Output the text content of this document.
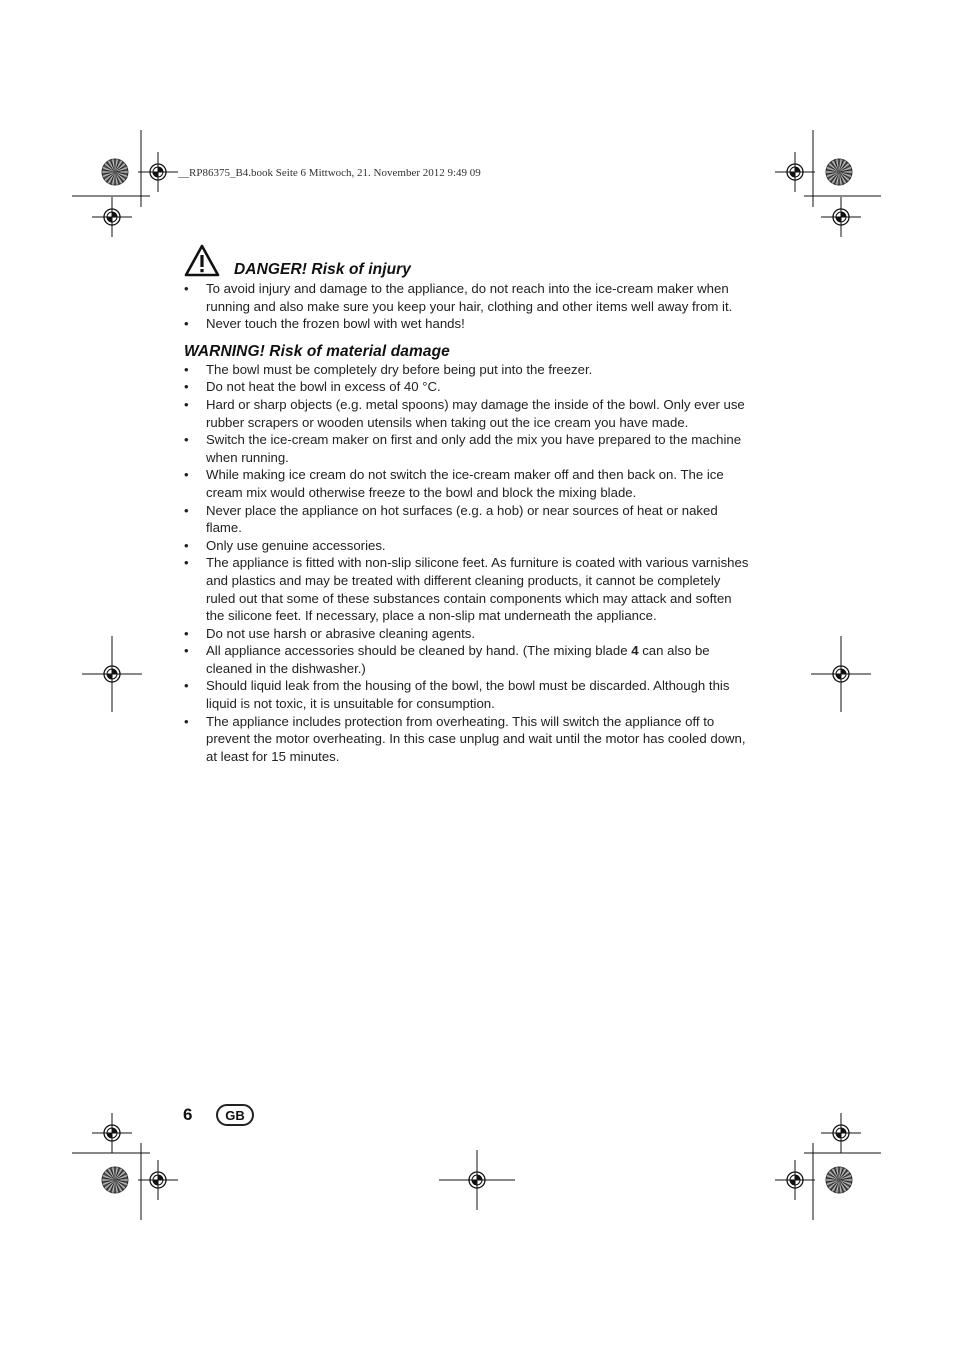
__RP86375_B4.book Seite 6 Mittwoch, 21. November 2012 9:49 09
DANGER! Risk of injury
• To avoid injury and damage to the appliance, do not reach into the ice-cream maker when running and also make sure you keep your hair, clothing and other items well away from it.
• Never touch the frozen bowl with wet hands!
WARNING! Risk of material damage
• The bowl must be completely dry before being put into the freezer.
• Do not heat the bowl in excess of 40 °C.
• Hard or sharp objects (e.g. metal spoons) may damage the inside of the bowl. Only ever use rubber scrapers or wooden utensils when taking out the ice cream you have made.
• Switch the ice-cream maker on first and only add the mix you have prepared to the machine when running.
• While making ice cream do not switch the ice-cream maker off and then back on. The ice cream mix would otherwise freeze to the bowl and block the mixing blade.
• Never place the appliance on hot surfaces (e.g. a hob) or near sources of heat or naked flame.
• Only use genuine accessories.
• The appliance is fitted with non-slip silicone feet. As furniture is coated with various varnishes and plastics and may be treated with different cleaning products, it cannot be completely ruled out that some of these substances contain components which may attack and soften the silicone feet. If necessary, place a non-slip mat underneath the appliance.
• Do not use harsh or abrasive cleaning agents.
• All appliance accessories should be cleaned by hand. (The mixing blade 4 can also be cleaned in the dishwasher.)
• Should liquid leak from the housing of the bowl, the bowl must be discarded. Although this liquid is not toxic, it is unsuitable for consumption.
• The appliance includes protection from overheating. This will switch the appliance off to prevent the motor overheating. In this case unplug and wait until the motor has cooled down, at least for 15 minutes.
6	GB
